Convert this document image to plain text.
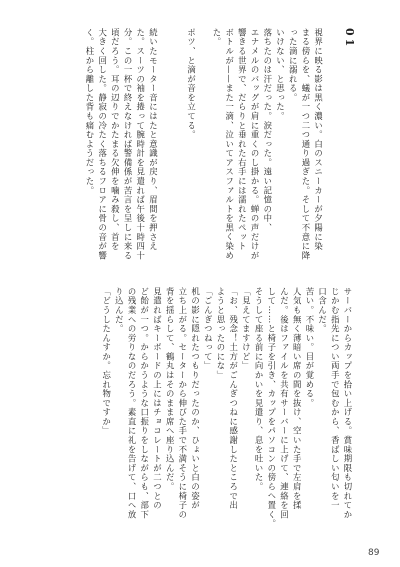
01

視界に映る影は黒く濃い。白のスニーカーが夕陽に染
まる傍らを、蟻が一つ二つ通り過ぎた。そして不意に降
った滴に溺れる。
いけない、と思った。
落ちたのは汗だった。涙だった。遠い記憶の中、
エナメルのバッグが肩に重くのし掛かる。蝉の声だけが
響きる世界で、だらりと垂れた右手には濡れたペット
ボトルが——また一滴、泣いてアスファルトを黒く染め
た。

ポツ、と滴が音を立てる。

続いたモーター音にはたと意識が戻り、眉間を押さえ
た。スーツの袖を捲って腕時計を見遣れば午後十時四十
分。この一杯で終えなければ警備係が苦言を呈しに来る
頃だろう。耳の辺りでかたまる欠伸を噛み殺し、首を
大きく回した。静寂の冷たく落ちるフロアに骨の音が響
く。柱から離した背も痛むようだった。
サーバーからカップを拾い上げる。賞味期限も切れてか
じかむ指先につい両手で包むから、香ばしい匂いを一
口含んだ。
苦い。不味い。目が覚める。
人気も無く薄暗い席の間を抜け、空いた手で左肩を揉
んだ。後はファイルを共有サーバーに上げて、連絡を回
して……と椅子を引き、カップをパソコンの傍らへ置く。
そうして座る前に向かいを見遣り、息を吐いた。
「見えてますけど」
「お、残念！土方がごんぎつねに感謝したところで出
ようと思ったのにな」
「ごんぎつねって」
机の影に隠れたつもりだったのか、ひょいと白の姿が
立ち上がる。セーターから伸びた手で不満そうに椅子の
背を揺らして、鶴丸はそのまま席へ座り込んだ。
見遣ればキーボードの上にはチョコレートが二つとの
ど飴が一つ。からかうような口振りをしながらも、部下
の残業への労りなのだろう。素直に礼を告げて、口へ放
り込んだ。
「どうしたんすか。忘れ物ですか」
89
